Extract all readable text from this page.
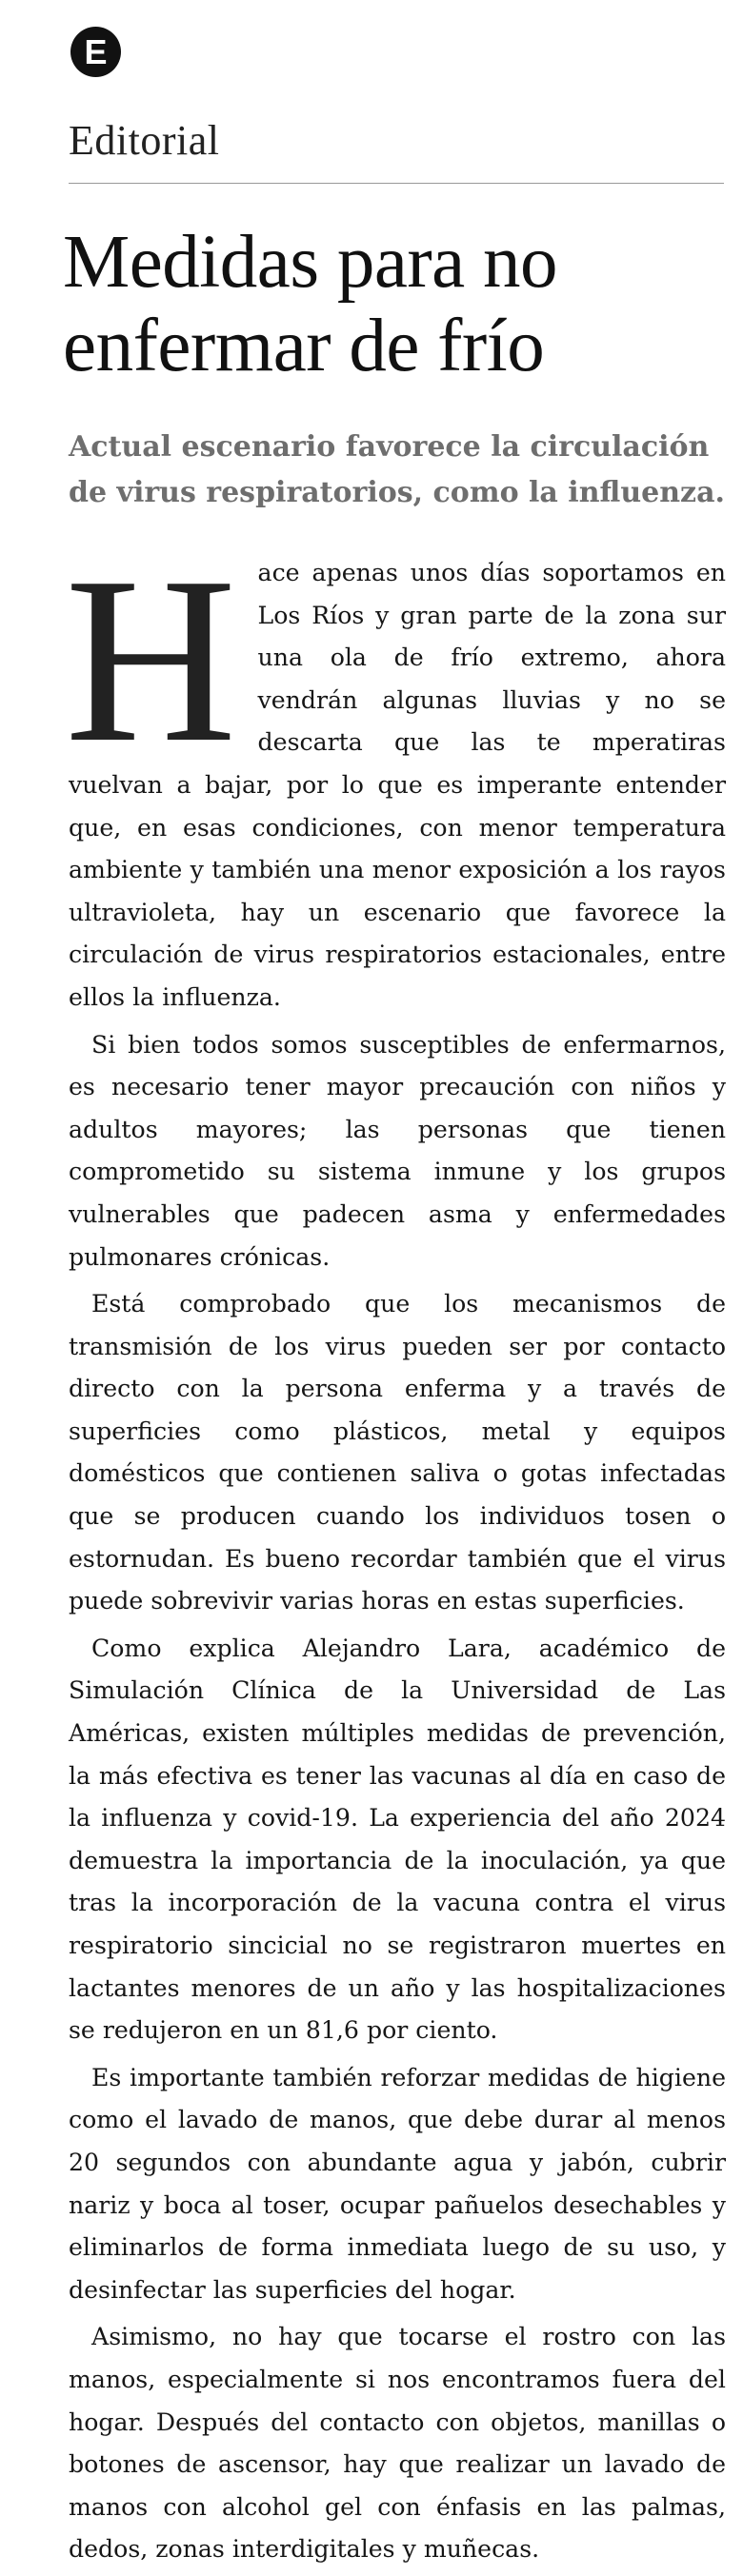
E
Editorial
Medidas para no
enfermar de frío
Actual escenario favorece la circulación
de virus respiratorios, como la influenza.

Hace apenas unos días soportamos en Los Ríos y gran parte de la zona sur una ola de frío extremo, ahora vendrán algunas lluvias y no se descarta que las te mperatiras vuelvan a bajar, por lo que es imperante entender que, en esas condiciones, con menor temperatura ambiente y también una menor exposición a los rayos ultravioleta, hay un escenario que favorece la circulación de virus respiratorios estacionales, entre ellos la influenza.

Si bien todos somos susceptibles de enfermarnos, es necesario tener mayor precaución con niños y adultos mayores; las personas que tienen comprometido su sistema inmune y los grupos vulnerables que padecen asma y enfermedades pulmonares crónicas.

Está comprobado que los mecanismos de transmisión de los virus pueden ser por contacto directo con la persona enferma y a través de superficies como plásticos, metal y equipos domésticos que contienen saliva o gotas infectadas que se producen cuando los individuos tosen o estornudan. Es bueno recordar también que el virus puede sobrevivir varias horas en estas superficies.

Como explica Alejandro Lara, académico de Simulación Clínica de la Universidad de Las Américas, existen múltiples medidas de prevención, la más efectiva es tener las vacunas al día en caso de la influenza y covid-19. La experiencia del año 2024 demuestra la importancia de la inoculación, ya que tras la incorporación de la vacuna contra el virus respiratorio sincicial no se registraron muertes en lactantes menores de un año y las hospitalizaciones se redujeron en un 81,6 por ciento.

Es importante también reforzar medidas de higiene como el lavado de manos, que debe durar al menos 20 segundos con abundante agua y jabón, cubrir nariz y boca al toser, ocupar pañuelos desechables y eliminarlos de forma inmediata luego de su uso, y desinfectar las superficies del hogar.

Asimismo, no hay que tocarse el rostro con las manos, especialmente si nos encontramos fuera del hogar. Después del contacto con objetos, manillas o botones de ascensor, hay que realizar un lavado de manos con alcohol gel con énfasis en las palmas, dedos, zonas interdigitales y muñecas.
